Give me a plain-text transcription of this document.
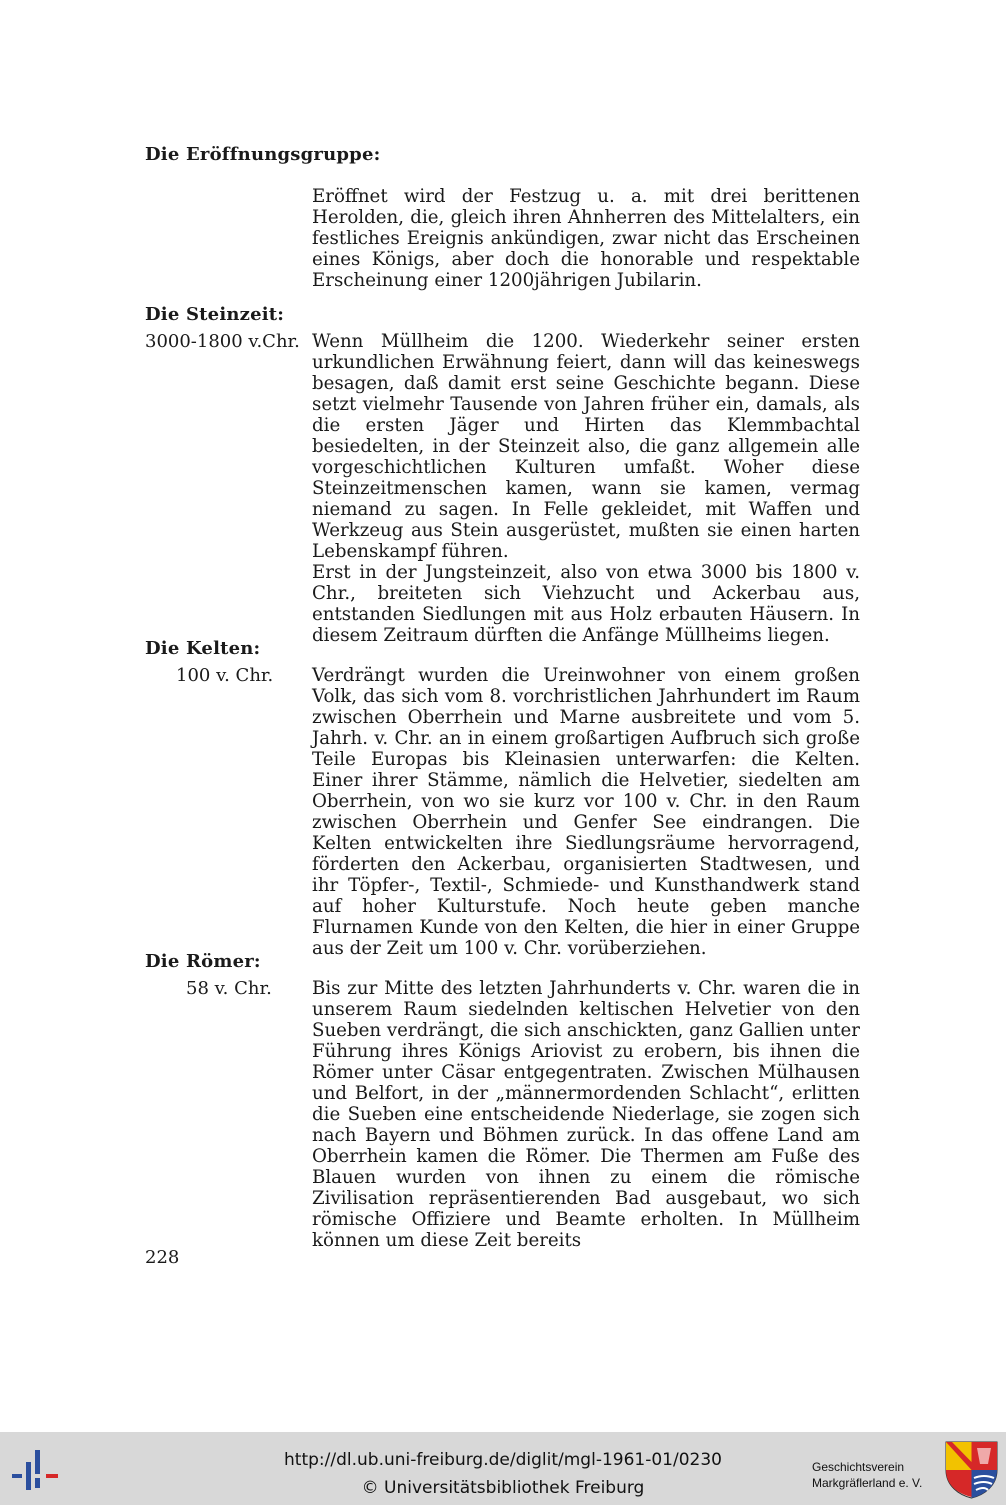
Die Eröffnungsgruppe:

Eröffnet wird der Festzug u. a. mit drei berittenen Herolden, die, gleich ihren Ahnherren des Mittelalters, ein festliches Ereignis ankündigen, zwar nicht das Erscheinen eines Königs, aber doch die honorable und respektable Erscheinung einer 1200jährigen Jubilarin.

Die Steinzeit:
3000-1800 v.Chr. Wenn Müllheim die 1200. Wiederkehr seiner ersten urkundlichen Erwähnung feiert, dann will das keineswegs besagen, daß damit erst seine Geschichte begann. Diese setzt vielmehr Tausende von Jahren früher ein, damals, als die ersten Jäger und Hirten das Klemmbachtal besiedelten, in der Steinzeit also, die ganz allgemein alle vorgeschichtlichen Kulturen umfaßt. Woher diese Steinzeitmenschen kamen, wann sie kamen, vermag niemand zu sagen. In Felle gekleidet, mit Waffen und Werkzeug aus Stein ausgerüstet, mußten sie einen harten Lebenskampf führen.

Erst in der Jungsteinzeit, also von etwa 3000 bis 1800 v. Chr., breiteten sich Viehzucht und Ackerbau aus, entstanden Siedlungen mit aus Holz erbauten Häusern. In diesem Zeitraum dürften die Anfänge Müllheims liegen.

Die Kelten:
100 v. Chr. Verdrängt wurden die Ureinwohner von einem großen Volk, das sich vom 8. vorchristlichen Jahrhundert im Raum zwischen Oberrhein und Marne ausbreitete und vom 5. Jahrh. v. Chr. an in einem großartigen Aufbruch sich große Teile Europas bis Kleinasien unterwarfen: die Kelten. Einer ihrer Stämme, nämlich die Helvetier, siedelten am Oberrhein, von wo sie kurz vor 100 v. Chr. in den Raum zwischen Oberrhein und Genfer See eindrangen. Die Kelten entwickelten ihre Siedlungsräume hervorragend, förderten den Ackerbau, organisierten Stadtwesen, und ihr Töpfer-, Textil-, Schmiede- und Kunsthandwerk stand auf hoher Kulturstufe. Noch heute geben manche Flurnamen Kunde von den Kelten, die hier in einer Gruppe aus der Zeit um 100 v. Chr. vorüberziehen.

Die Römer:
58 v. Chr. Bis zur Mitte des letzten Jahrhunderts v. Chr. waren die in unserem Raum siedelnden keltischen Helvetier von den Sueben verdrängt, die sich anschickten, ganz Gallien unter Führung ihres Königs Ariovist zu erobern, bis ihnen die Römer unter Cäsar entgegentraten. Zwischen Mülhausen und Belfort, in der „männermordenden Schlacht“, erlitten die Sueben eine entscheidende Niederlage, sie zogen sich nach Bayern und Böhmen zurück. In das offene Land am Oberrhein kamen die Römer. Die Thermen am Fuße des Blauen wurden von ihnen zu einem die römische Zivilisation repräsentierenden Bad ausgebaut, wo sich römische Offiziere und Beamte erholten. In Müllheim können um diese Zeit bereits

228
http://dl.ub.uni-freiburg.de/diglit/mgl-1961-01/0230
© Universitätsbibliothek Freiburg
Geschichtsverein
Markgräflerland e. V.
